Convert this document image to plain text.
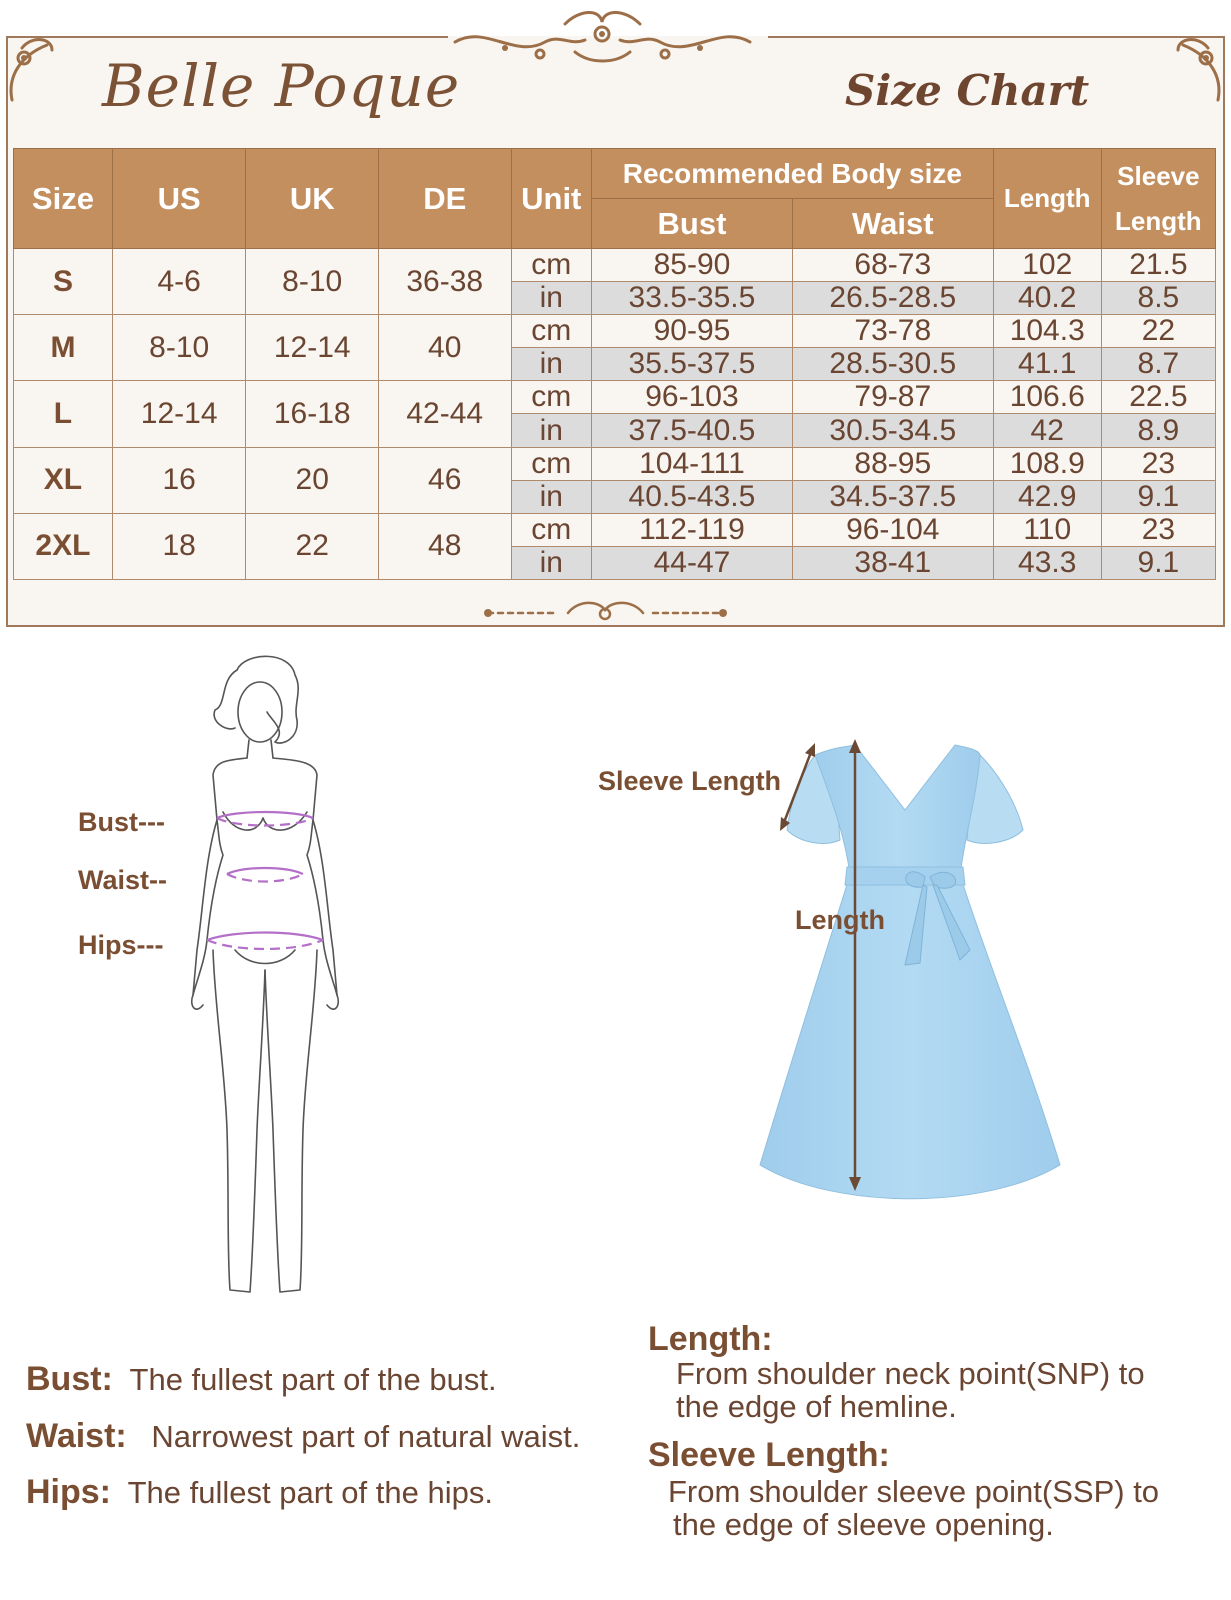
Belle Poque	Size Chart
Size	US	UK	DE	Unit	Recommended Body size		Length	Sleeve
Length
					Bust	Waist		
S	4-6	8-10	36-38	cm	85-90	68-73	102	21.5
				in	33.5-35.5	26.5-28.5	40.2	8.5
M	8-10	12-14	40	cm	90-95	73-78	104.3	22
				in	35.5-37.5	28.5-30.5	41.1	8.7
L	12-14	16-18	42-44	cm	96-103	79-87	106.6	22.5
				in	37.5-40.5	30.5-34.5	42	8.9
XL	16	20	46	cm	104-111	88-95	108.9	23
				in	40.5-43.5	34.5-37.5	42.9	9.1
2XL	18	22	48	cm	112-119	96-104	110	23
				in	44-47	38-41	43.3	9.1
Bust---
Waist--
Hips---
Sleeve Length
Length
Bust: The fullest part of the bust.
Waist: Narrowest part of natural waist.
Hips: The fullest part of the hips.
Length:
From shoulder neck point(SNP) to
the edge of hemline.
Sleeve Length:
From shoulder sleeve point(SSP) to
the edge of sleeve opening.
